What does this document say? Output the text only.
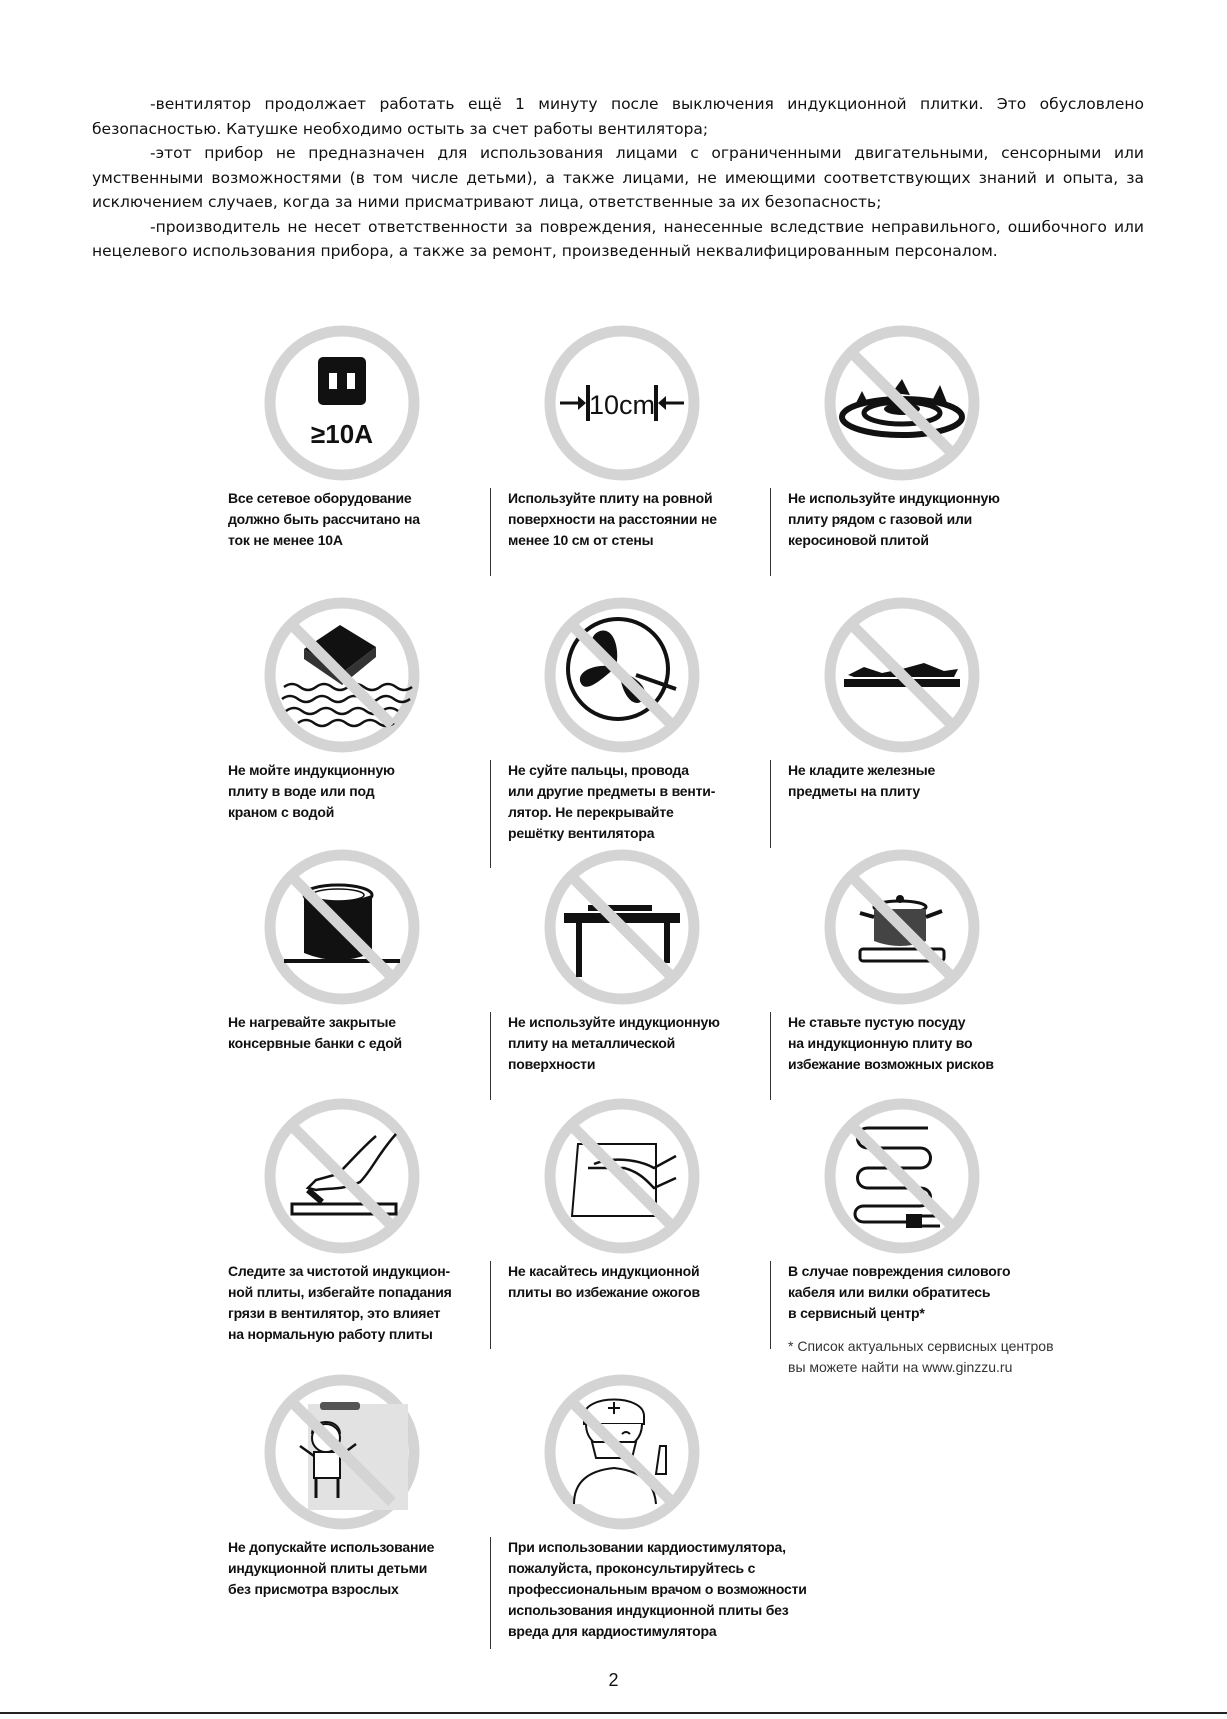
-вентилятор продолжает работать ещё 1 минуту после выключения индукционной плитки. Это обусловлено безопасностью. Катушке необходимо остыть за счет работы вентилятора;

-этот прибор не предназначен для использования лицами с ограниченными двигательными, сенсорными или умственными возможностями (в том числе детьми), а также лицами, не имеющими соответствующих знаний и опыта, за исключением случаев, когда за ними присматривают лица, ответственные за их безопасность;

-производитель не несет ответственности за повреждения, нанесенные вследствие неправильного, ошибочного или нецелевого использования прибора, а также за ремонт, произведенный неквалифицированным персоналом.

≥10A
Все сетевое оборудование
должно быть рассчитано на
ток не менее 10А
10cm
Используйте плиту на ровной
поверхности на расстоянии не
менее 10 см от стены
Не используйте индукционную
плиту рядом с газовой или
керосиновой плитой
Не мойте индукционную
плиту в воде или под
краном с водой
Не суйте пальцы, провода
или другие предметы в венти-
лятор. Не перекрывайте
решётку вентилятора
Не кладите железные
предметы на плиту
Не нагревайте закрытые
консервные банки с едой
Не используйте индукционную
плиту на металлической
поверхности
Не ставьте пустую посуду
на индукционную плиту во
избежание возможных рисков
Следите за чистотой индукцион-
ной плиты, избегайте попадания
грязи в вентилятор, это влияет
на нормальную работу плиты
Не касайтесь индукционной
плиты во избежание ожогов
В случае повреждения силового
кабеля или вилки обратитесь
в сервисный центр*
* Список актуальных сервисных центров
вы можете найти на www.ginzzu.ru
Не допускайте использование
индукционной плиты детьми
без присмотра взрослых
При использовании кардиостимулятора,
пожалуйста, проконсультируйтесь с
профессиональным врачом о возможности
использования индукционной плиты без
вреда для кардиостимулятора
2
